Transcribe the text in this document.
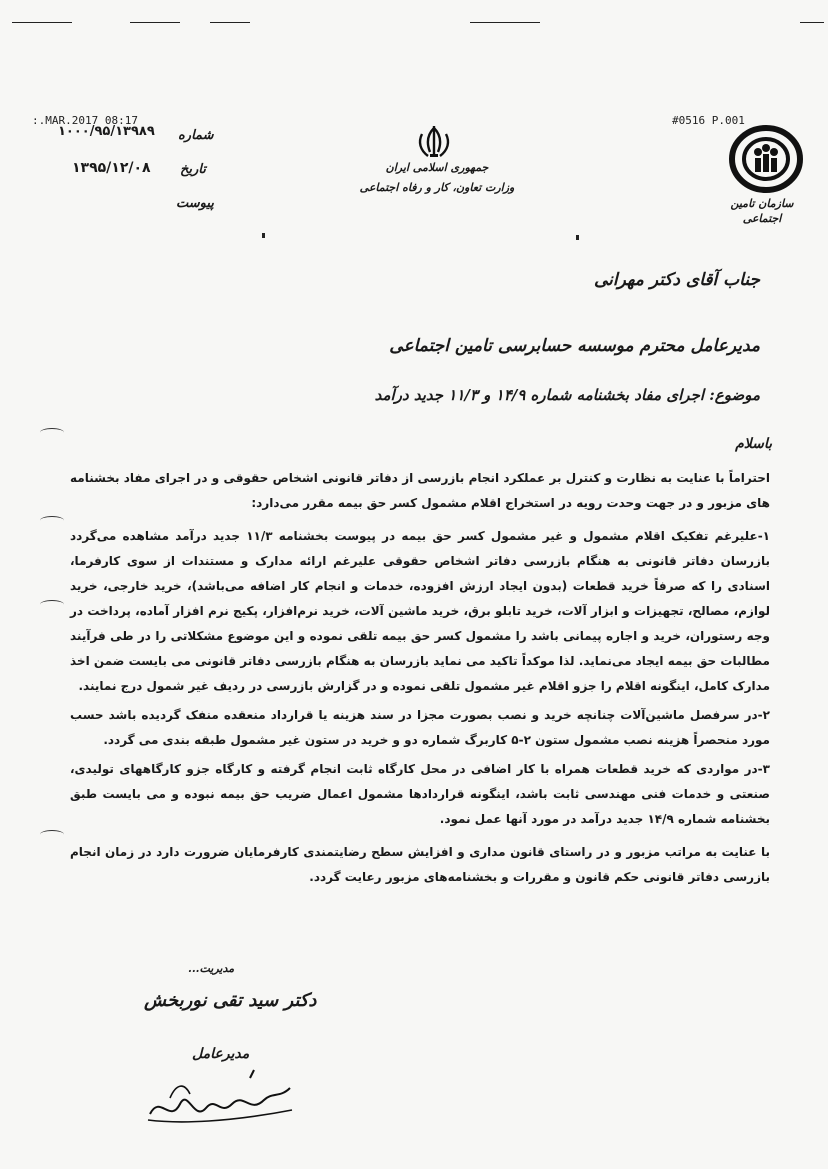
:.MAR.2017 08:17	#0516 P.001
۱۰۰۰/۹۵/۱۳۹۸۹ شماره
۱۳۹۵/۱۲/۰۸ تاریخ
پیوست
جمهوری اسلامی ایران
وزارت تعاون، کار و رفاه اجتماعی
سازمان تامین اجتماعی
جناب آقای دکتر مهرانی
مدیرعامل محترم موسسه حسابرسی تامین اجتماعی
موضوع: اجرای مفاد بخشنامه شماره ۱۴/۹ و ۱۱/۳ جدید درآمد
باسلام

احتراماً با عنایت به نظارت و کنترل بر عملکرد انجام بازرسی از دفاتر قانونی اشخاص حقوقی و در اجرای مفاد بخشنامه های مزبور و در جهت وحدت رویه در استخراج اقلام مشمول کسر حق بیمه مقرر می‌دارد:

۱-علیرغم تفکیک اقلام مشمول و غیر مشمول کسر حق بیمه در پیوست بخشنامه ۱۱/۳ جدید درآمد مشاهده می‌گردد بازرسان دفاتر قانونی به هنگام بازرسی دفاتر اشخاص حقوقی علیرغم ارائه مدارک و مستندات از سوی کارفرما، اسنادی را که صرفاً خرید قطعات (بدون ایجاد ارزش افزوده، خدمات و انجام کار اضافه می‌باشد)، خرید خارجی، خرید لوازم، مصالح، تجهیزات و ابزار آلات، خرید تابلو برق، خرید ماشین آلات، خرید نرم‌افزار، پکیج نرم افزار آماده، پرداخت در وجه رستوران، خرید و اجاره پیمانی باشد را مشمول کسر حق بیمه تلقی نموده و این موضوع مشکلاتی را در طی فرآیند مطالبات حق بیمه ایجاد می‌نماید. لذا موکداً تاکید می نماید بازرسان به هنگام بازرسی دفاتر قانونی می بایست ضمن اخذ مدارک کامل، اینگونه اقلام را جزو اقلام غیر مشمول تلقی نموده و در گزارش بازرسی در ردیف غیر شمول درج نمایند.

۲-در سرفصل ماشین‌آلات چنانچه خرید و نصب بصورت مجزا در سند هزینه یا قرارداد منعقده منفک گردیده باشد حسب مورد منحصراً هزینه نصب مشمول ستون ۲-۵ کاربرگ شماره دو و خرید در ستون غیر مشمول طبقه بندی می گردد.

۳-در مواردی که خرید قطعات همراه با کار اضافی در محل کارگاه ثابت انجام گرفته و کارگاه جزو کارگاههای تولیدی، صنعتی و خدمات فنی مهندسی ثابت باشد، اینگونه قراردادها مشمول اعمال ضریب حق بیمه نبوده و می بایست طبق بخشنامه شماره ۱۴/۹ جدید درآمد در مورد آنها عمل نمود.

با عنایت به مراتب مزبور و در راستای قانون مداری و افزایش سطح رضایتمندی کارفرمایان ضرورت دارد در زمان انجام بازرسی دفاتر قانونی حکم قانون و مقررات و بخشنامه‌های مزبور رعایت گردد.

مدیریت...
دکتر سید تقی نوربخش
مدیرعامل
